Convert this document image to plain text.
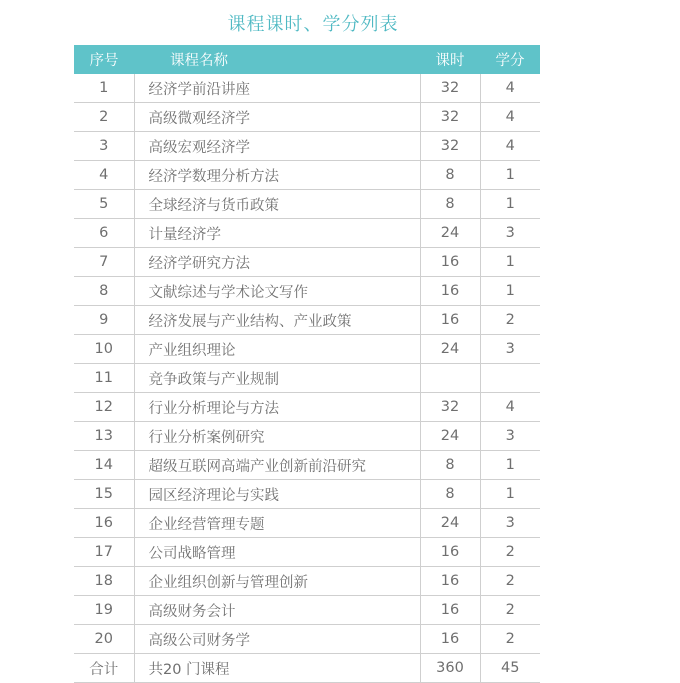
课程课时、学分列表
序号	课程名称	课时	学分	
1	经济学前沿讲座	32	4	
2	高级微观经济学	32	4	
3	高级宏观经济学	32	4	
4	经济学数理分析方法	8	1	
5	全球经济与货币政策	8	1	
6	计量经济学	24	3	
7	经济学研究方法	16	1	
8	文献综述与学术论文写作	16	1	
9	经济发展与产业结构、产业政策	16	2	
10	产业组织理论	24	3	
11	竞争政策与产业规制			
12	行业分析理论与方法	32	4	
13	行业分析案例研究	24	3	
14	超级互联网高端产业创新前沿研究	8	1	
15	园区经济理论与实践	8	1	
16	企业经营管理专题	24	3	
17	公司战略管理	16	2	
18	企业组织创新与管理创新	16	2	
19	高级财务会计	16	2	
20	高级公司财务学	16	2	
合计	共20 门课程	360	45	
